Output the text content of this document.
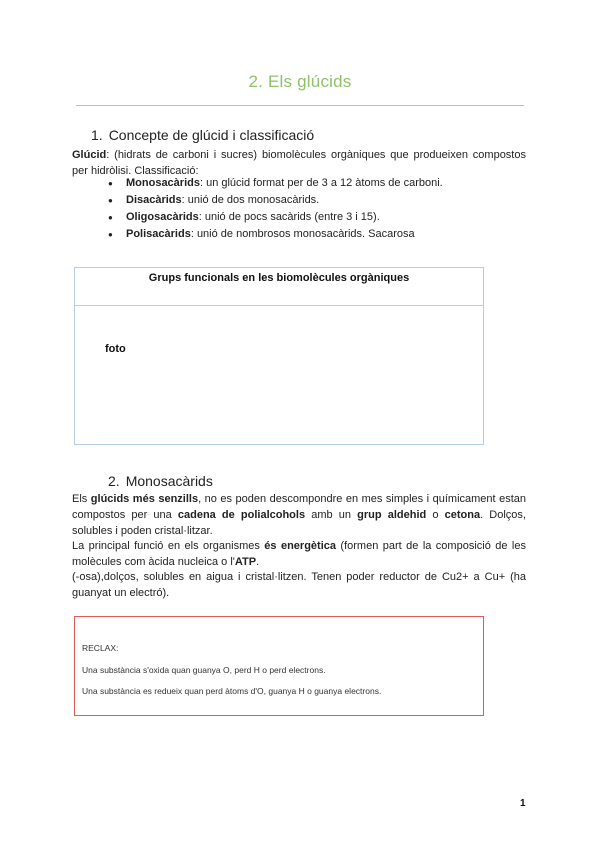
2. Els glúcids
1. Concepte de glúcid i classificació
Glúcid: (hidrats de carboni i sucres) biomolècules orgàniques que produeixen compostos per hidròlisi. Classificació:
● Monosacàrids: un glúcid format per de 3 a 12 àtoms de carboni.
● Disacàrids: unió de dos monosacàrids.
● Oligosacàrids: unió de pocs sacàrids (entre 3 i 15).
● Polisacàrids: unió de nombrosos monosacàrids. Sacarosa
Grups funcionals en les biomolècules orgàniques
foto
2. Monosacàrids
Els glúcids més senzills, no es poden descompondre en mes simples i químicament estan compostos per una cadena de polialcohols amb un grup aldehid o cetona. Dolços, solubles i poden cristal·litzar.
La principal funció en els organismes és energètica (formen part de la composició de les molècules com àcida nucleica o l'ATP.
(-osa),dolços, solubles en aigua i cristal·litzen. Tenen poder reductor de Cu2+ a Cu+ (ha guanyat un electró).
RECLAX:
Una substància s'oxida quan guanya O, perd H o perd electrons.
Una substància es redueix quan perd àtoms d'O, guanya H o guanya electrons.
1
